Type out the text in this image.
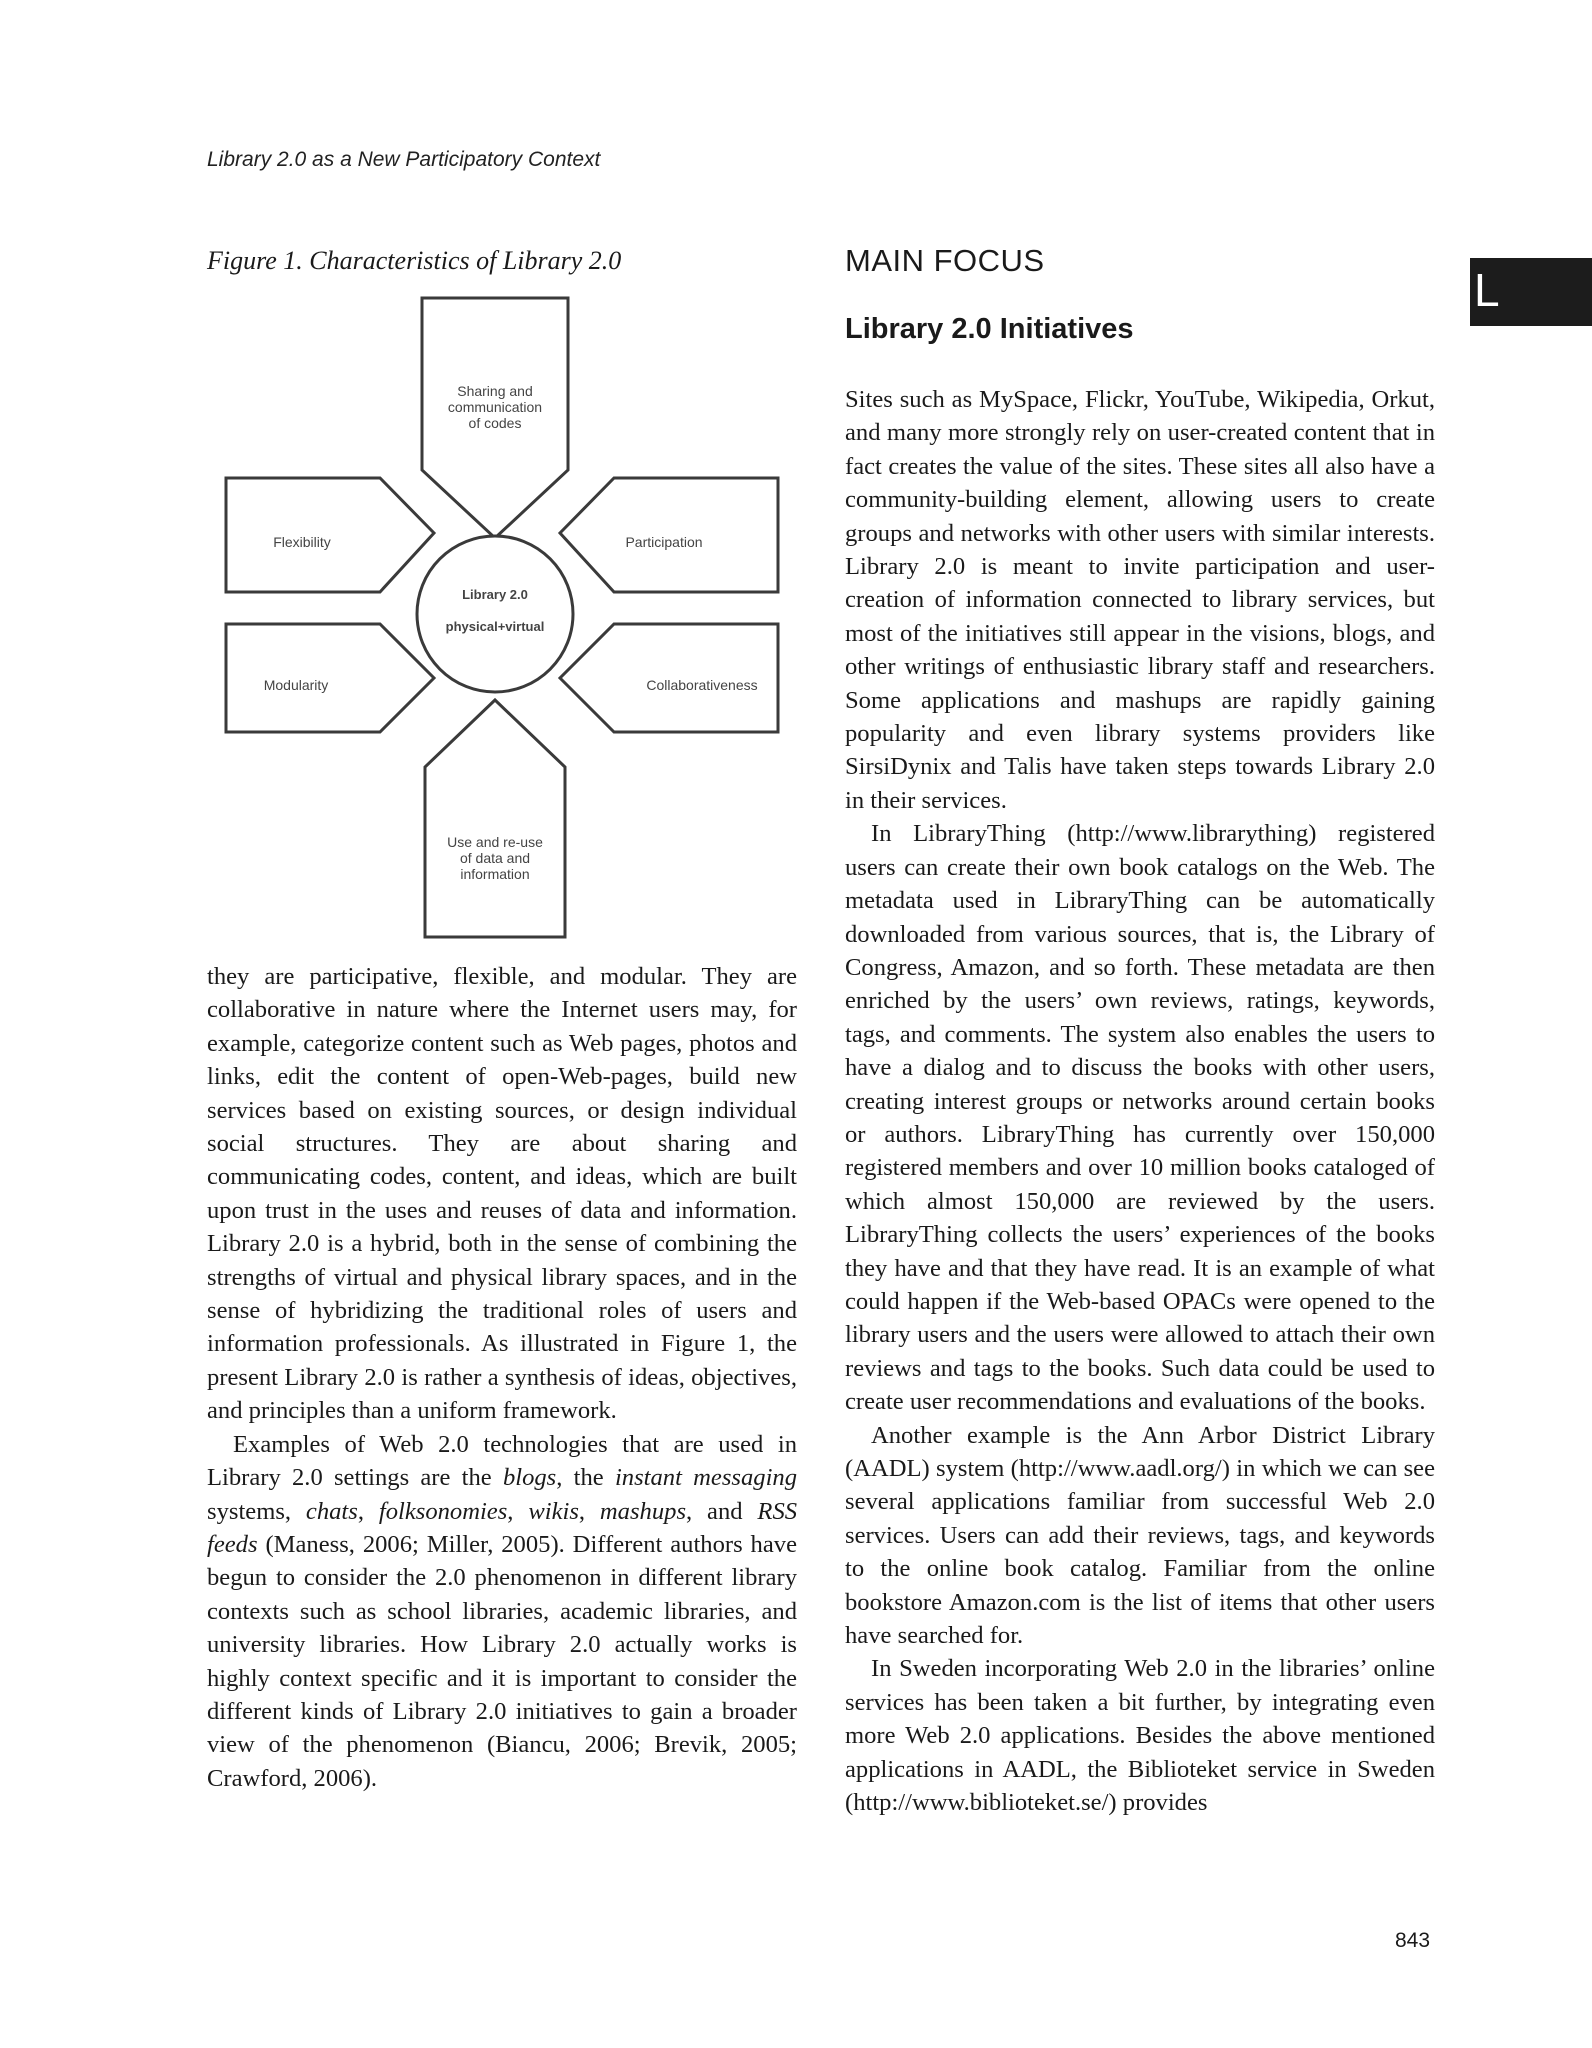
Library 2.0 as a New Participatory Context
L
Figure 1. Characteristics of Library 2.0
Library 2.0
physical+virtual
Sharing and
communication
of codes
Flexibility	Participation
Modularity	Collaborativeness
Use and re-use
of data and
information

they are participative, flexible, and modular. They are collaborative in nature where the Internet users may, for example, categorize content such as Web pages, photos and links, edit the content of open-Web-pages, build new services based on existing sources, or design individual social structures. They are about sharing and communicating codes, content, and ideas, which are built upon trust in the uses and reuses of data and information. Library 2.0 is a hybrid, both in the sense of combining the strengths of virtual and physical library spaces, and in the sense of hybridizing the traditional roles of users and information professionals. As illustrated in Figure 1, the present Library 2.0 is rather a synthesis of ideas, objectives, and principles than a uniform framework.

Examples of Web 2.0 technologies that are used in Library 2.0 settings are the blogs, the instant messaging systems, chats, folksonomies, wikis, mashups, and RSS feeds (Maness, 2006; Miller, 2005). Different authors have begun to consider the 2.0 phenomenon in different library contexts such as school libraries, academic libraries, and university libraries. How Library 2.0 actually works is highly context specific and it is important to consider the different kinds of Library 2.0 initiatives to gain a broader view of the phenomenon (Biancu, 2006; Brevik, 2005; Crawford, 2006).

MAIN FOCUS
Library 2.0 Initiatives

Sites such as MySpace, Flickr, YouTube, Wikipedia, Orkut, and many more strongly rely on user-created content that in fact creates the value of the sites. These sites all also have a community-building element, allowing users to create groups and networks with other users with similar interests. Library 2.0 is meant to invite participation and user-creation of information connected to library services, but most of the initiatives still appear in the visions, blogs, and other writings of enthusiastic library staff and researchers. Some applications and mashups are rapidly gaining popularity and even library systems providers like SirsiDynix and Talis have taken steps towards Library 2.0 in their services.

In LibraryThing (http://www.librarything) registered users can create their own book catalogs on the Web. The metadata used in LibraryThing can be automatically downloaded from various sources, that is, the Library of Congress, Amazon, and so forth. These metadata are then enriched by the users’ own reviews, ratings, keywords, tags, and comments. The system also enables the users to have a dialog and to discuss the books with other users, creating interest groups or networks around certain books or authors. LibraryThing has currently over 150,000 registered members and over 10 million books cataloged of which almost 150,000 are reviewed by the users. LibraryThing collects the users’ experiences of the books they have and that they have read. It is an example of what could happen if the Web-based OPACs were opened to the library users and the users were allowed to attach their own reviews and tags to the books. Such data could be used to create user recommendations and evaluations of the books.

Another example is the Ann Arbor District Library (AADL) system (http://www.aadl.org/) in which we can see several applications familiar from successful Web 2.0 services. Users can add their reviews, tags, and keywords to the online book catalog. Familiar from the online bookstore Amazon.com is the list of items that other users have searched for.

In Sweden incorporating Web 2.0 in the libraries’ online services has been taken a bit further, by integrating even more Web 2.0 applications. Besides the above mentioned applications in AADL, the Biblioteket service in Sweden (http://www.biblioteket.se/) provides

843
